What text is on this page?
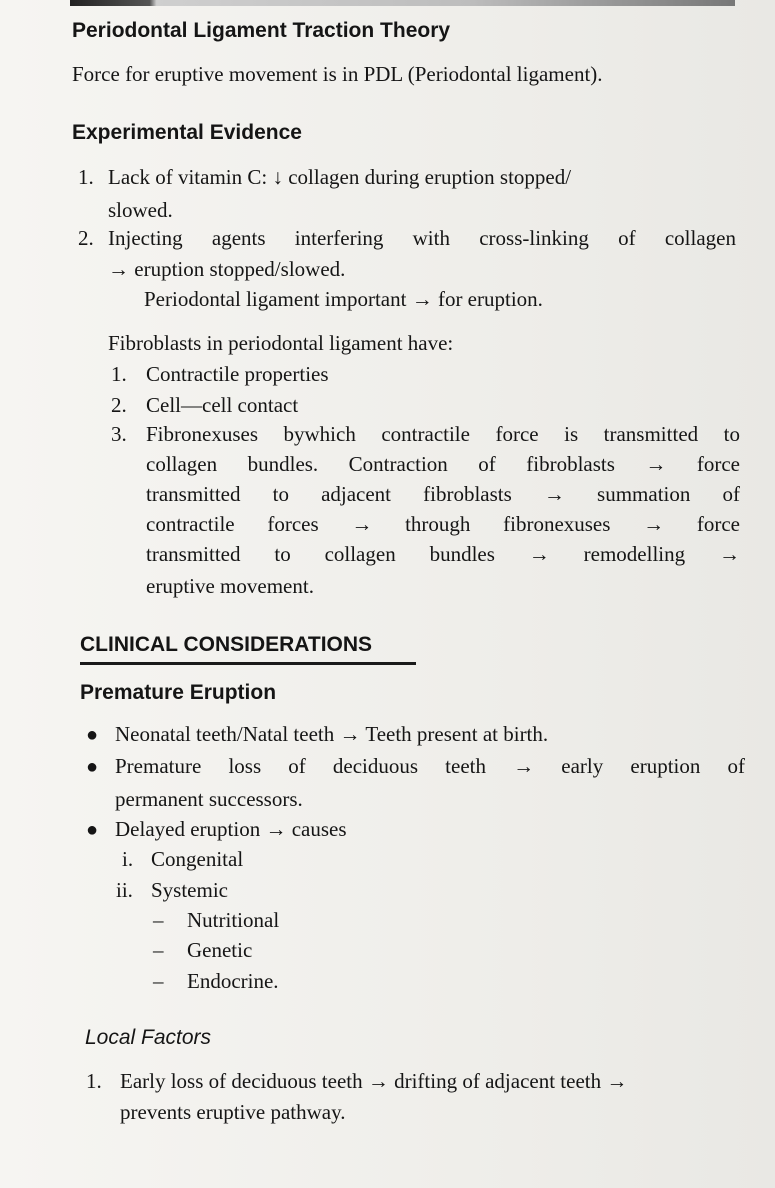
Periodontal Ligament Traction Theory
Force for eruptive movement is in PDL (Periodontal ligament).
Experimental Evidence
1. Lack of vitamin C: ↓ collagen during eruption stopped/
slowed.
2. Injecting agents interfering with cross-linking of collagen
→ eruption stopped/slowed.
Periodontal ligament important → for eruption.
Fibroblasts in periodontal ligament have:
1. Contractile properties
2. Cell—cell contact
3. Fibronexuses bywhich contractile force is transmitted to
collagen bundles. Contraction of fibroblasts → force
transmitted to adjacent fibroblasts → summation of
contractile forces → through fibronexuses → force
transmitted to collagen bundles → remodelling →
eruptive movement.
CLINICAL CONSIDERATIONS
Premature Eruption
● Neonatal teeth/Natal teeth → Teeth present at birth.
● Premature loss of deciduous teeth → early eruption of
permanent successors.
● Delayed eruption → causes
i. Congenital
ii. Systemic
– Nutritional
– Genetic
– Endocrine.
Local Factors
1. Early loss of deciduous teeth → drifting of adjacent teeth →
prevents eruptive pathway.
